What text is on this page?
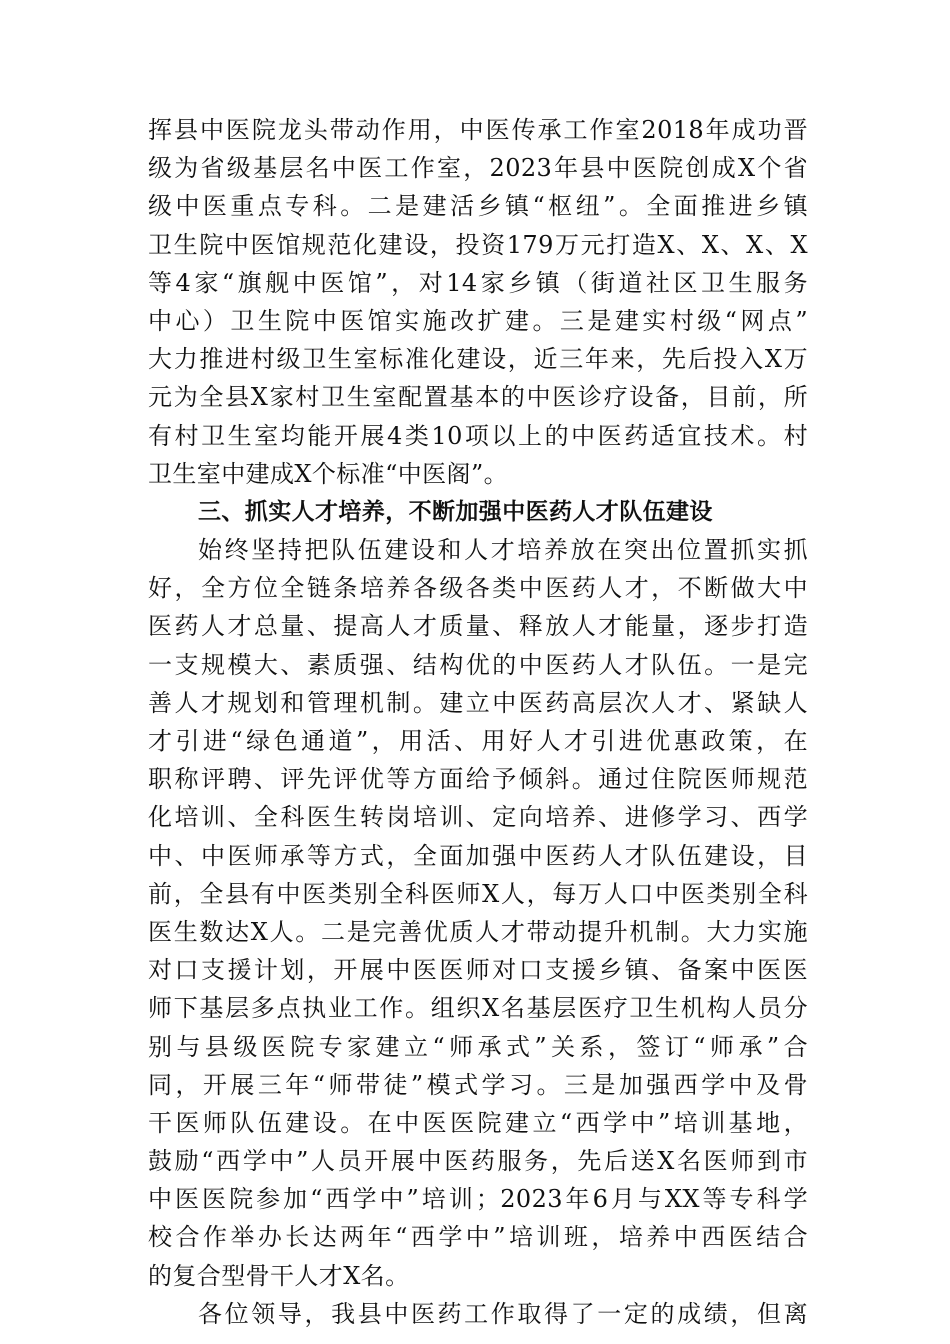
挥县中医院龙头带动作用，中医传承工作室2018年成功晋
级为省级基层名中医工作室，2023年县中医院创成X个省
级中医重点专科。二是建活乡镇“枢纽”。全面推进乡镇
卫生院中医馆规范化建设，投资179万元打造X、X、X、X
等4家“旗舰中医馆”，对14家乡镇（街道社区卫生服务
中心）卫生院中医馆实施改扩建。三是建实村级“网点”
大力推进村级卫生室标准化建设，近三年来，先后投入X万
元为全县X家村卫生室配置基本的中医诊疗设备，目前，所
有村卫生室均能开展4类10项以上的中医药适宜技术。村
卫生室中建成X个标准“中医阁”。
三、抓实人才培养，不断加强中医药人才队伍建设
始终坚持把队伍建设和人才培养放在突出位置抓实抓
好，全方位全链条培养各级各类中医药人才，不断做大中
医药人才总量、提高人才质量、释放人才能量，逐步打造
一支规模大、素质强、结构优的中医药人才队伍。一是完
善人才规划和管理机制。建立中医药高层次人才、紧缺人
才引进“绿色通道”，用活、用好人才引进优惠政策，在
职称评聘、评先评优等方面给予倾斜。通过住院医师规范
化培训、全科医生转岗培训、定向培养、进修学习、西学
中、中医师承等方式，全面加强中医药人才队伍建设，目
前，全县有中医类别全科医师X人，每万人口中医类别全科
医生数达X人。二是完善优质人才带动提升机制。大力实施
对口支援计划，开展中医医师对口支援乡镇、备案中医医
师下基层多点执业工作。组织X名基层医疗卫生机构人员分
别与县级医院专家建立“师承式”关系，签订“师承”合
同，开展三年“师带徒”模式学习。三是加强西学中及骨
干医师队伍建设。在中医医院建立“西学中”培训基地，
鼓励“西学中”人员开展中医药服务，先后送X名医师到市
中医医院参加“西学中”培训；2023年6月与XX等专科学
校合作举办长达两年“西学中”培训班，培养中西医结合
的复合型骨干人才X名。
各位领导，我县中医药工作取得了一定的成绩，但离
